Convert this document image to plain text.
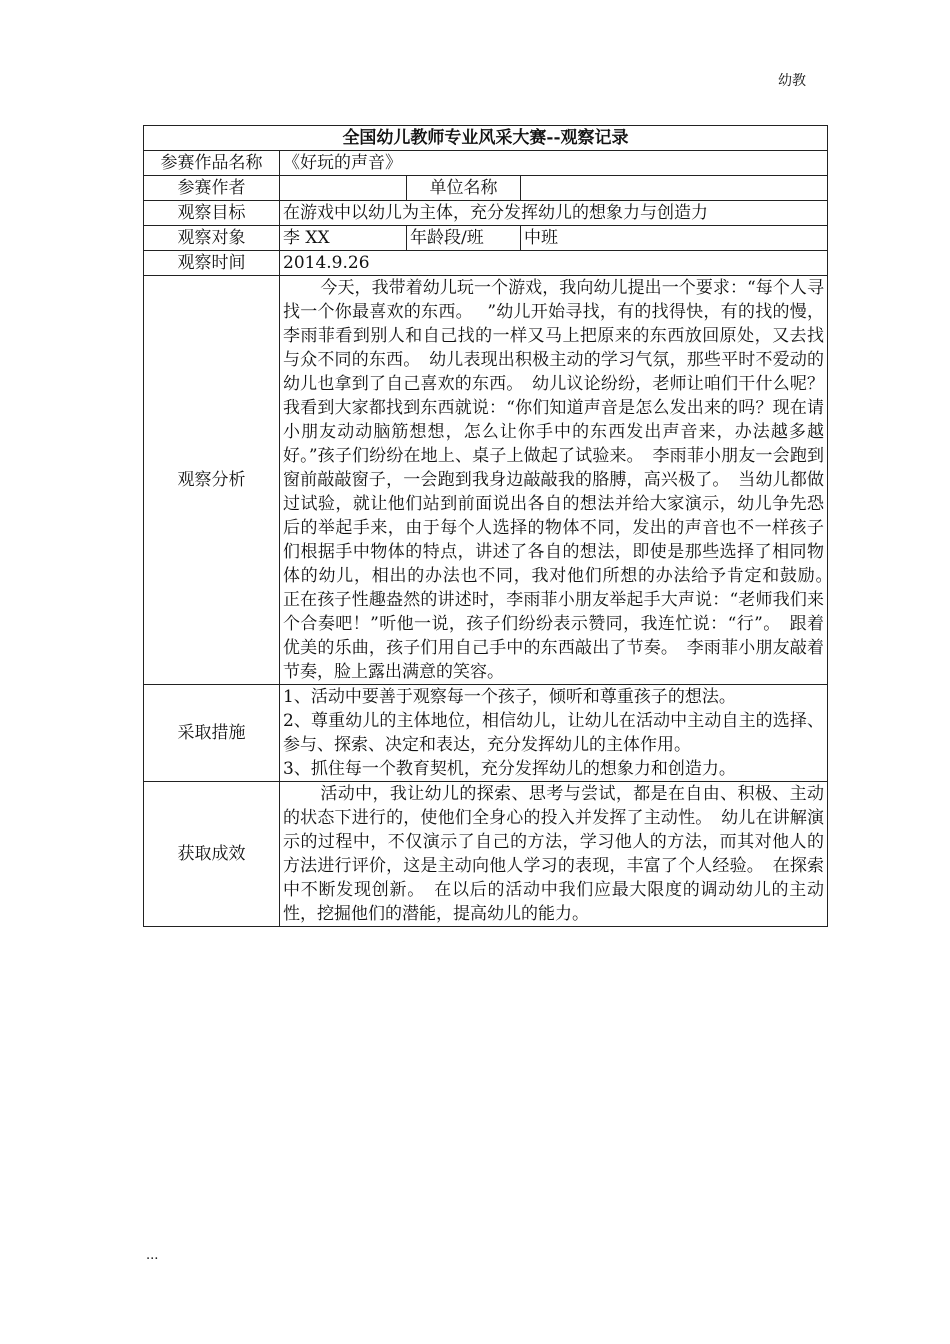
幼教
全国幼儿教师专业风采大赛--观察记录			
参赛作品名称	《好玩的声音》		
参赛作者		单位名称	
观察目标	在游戏中以幼儿为主体，充分发挥幼儿的想象力与创造力		
观察对象	李 XX	年龄段/班	中班
观察时间	2014.9.26		
观察分析	今天，我带着幼儿玩一个游戏，我向幼儿提出一个要求：“每个人寻找一个你最喜欢的东西。　 ”幼儿开始寻找，有的找得快，有的找的慢，李雨菲看到别人和自己找的一样又马上把原来的东西放回原处，又去找与众不同的东西。　幼儿表现出积极主动的学习气氛，那些平时不爱动的幼儿也拿到了自己喜欢的东西。　幼儿议论纷纷，老师让咱们干什么呢？我看到大家都找到东西就说：“你们知道声音是怎么发出来的吗？现在请小朋友动动脑筋想想，怎么让你手中的东西发出声音来，办法越多越好。”孩子们纷纷在地上、桌子上做起了试验来。　李雨菲小朋友一会跑到窗前敲敲窗子，一会跑到我身边敲敲我的胳膊，高兴极了。　当幼儿都做过试验，就让他们站到前面说出各自的想法并给大家演示，幼儿争先恐后的举起手来，由于每个人选择的物体不同，发出的声音也不一样孩子们根据手中物体的特点，讲述了各自的想法，即使是那些选择了相同物体的幼儿，相出的办法也不同，我对他们所想的办法给予肯定和鼓励。　正在孩子性趣盎然的讲述时，李雨菲小朋友举起手大声说：“老师我们来个合奏吧！”听他一说，孩子们纷纷表示赞同，我连忙说：“行”。　跟着优美的乐曲，孩子们用自己手中的东西敲出了节奏。　李雨菲小朋友敲着节奏，脸上露出满意的笑容。		

采取措施	1、活动中要善于观察每一个孩子，倾听和尊重孩子的想法。

2、尊重幼儿的主体地位，相信幼儿，让幼儿在活动中主动自主的选择、参与、探索、决定和表达，充分发挥幼儿的主体作用。

3、抓住每一个教育契机，充分发挥幼儿的想象力和创造力。		

获取成效	活动中，我让幼儿的探索、思考与尝试，都是在自由、积极、主动的状态下进行的，使他们全身心的投入并发挥了主动性。　幼儿在讲解演示的过程中，不仅演示了自己的方法，学习他人的方法，而其对他人的方法进行评价，这是主动向他人学习的表现，丰富了个人经验。　在探索中不断发现创新。　在以后的活动中我们应最大限度的调动幼儿的主动性，挖掘他们的潜能，提高幼儿的能力。		
...
